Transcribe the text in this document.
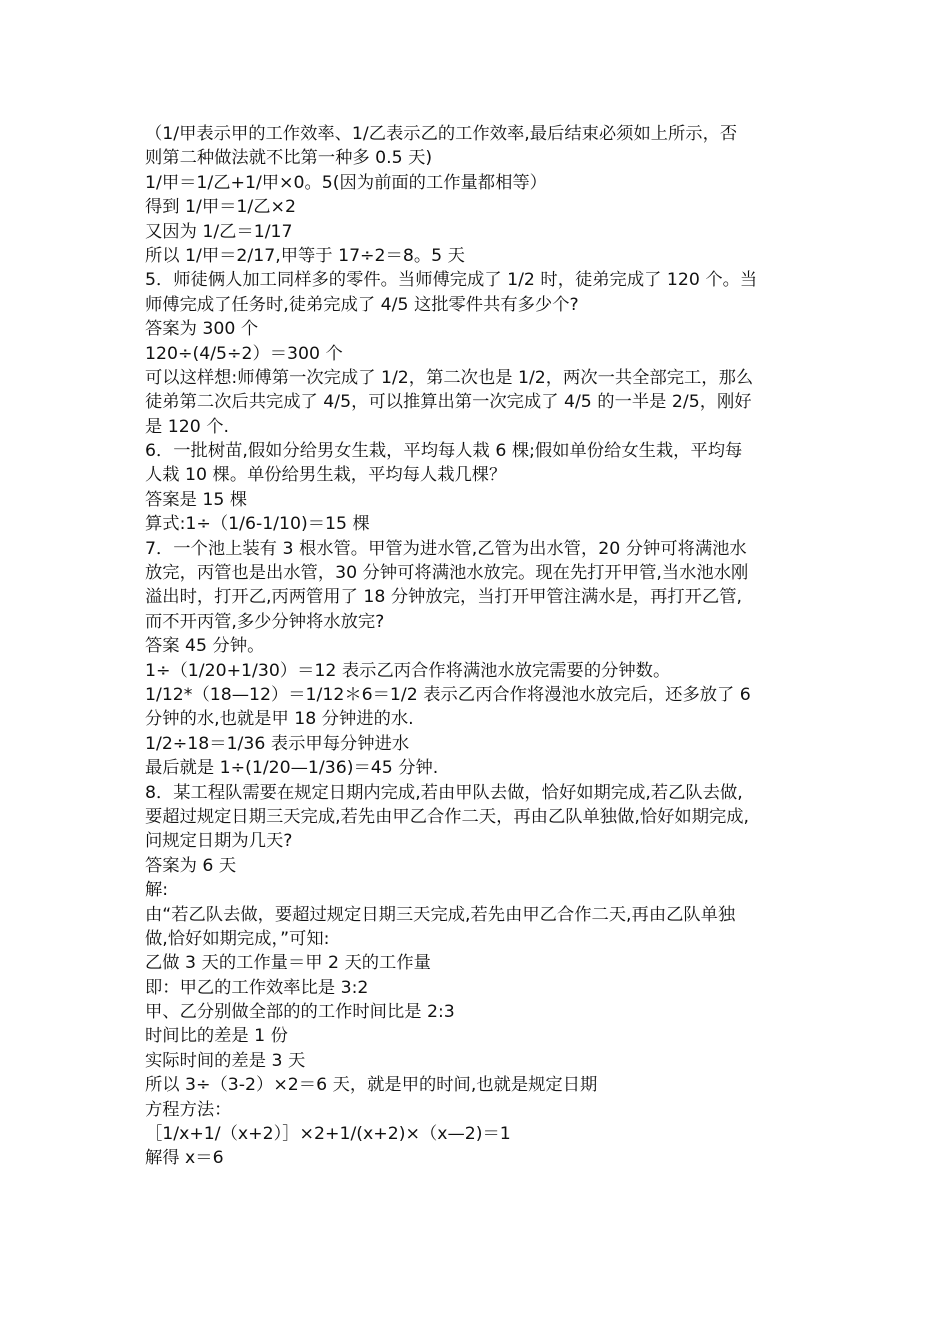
（1/甲表示甲的工作效率、1/乙表示乙的工作效率,最后结束必须如上所示，否
则第二种做法就不比第一种多 0.5 天)
1/甲＝1/乙+1/甲×0。5(因为前面的工作量都相等）
得到 1/甲＝1/乙×2
又因为 1/乙＝1/17
所以 1/甲＝2/17,甲等于 17÷2＝8。5 天
5．师徒俩人加工同样多的零件。当师傅完成了 1/2 时，徒弟完成了 120 个。当
师傅完成了任务时,徒弟完成了 4/5 这批零件共有多少个?
答案为 300 个
120÷(4/5÷2）＝300 个
可以这样想:师傅第一次完成了 1/2，第二次也是 1/2，两次一共全部完工，那么
徒弟第二次后共完成了 4/5，可以推算出第一次完成了 4/5 的一半是 2/5，刚好
是 120 个.
6．一批树苗,假如分给男女生栽，平均每人栽 6 棵;假如单份给女生栽，平均每
人栽 10 棵。单份给男生栽，平均每人栽几棵？
答案是 15 棵
算式:1÷（1/6-1/10)＝15 棵
7．一个池上装有 3 根水管。甲管为进水管,乙管为出水管，20 分钟可将满池水
放完，丙管也是出水管，30 分钟可将满池水放完。现在先打开甲管,当水池水刚
溢出时，打开乙,丙两管用了 18 分钟放完，当打开甲管注满水是，再打开乙管,
而不开丙管,多少分钟将水放完?
答案 45 分钟。
1÷（1/20+1/30）＝12 表示乙丙合作将满池水放完需要的分钟数。
1/12*（18—12）＝1/12＊6＝1/2 表示乙丙合作将漫池水放完后，还多放了 6
分钟的水,也就是甲 18 分钟进的水.
1/2÷18＝1/36 表示甲每分钟进水
最后就是 1÷(1/20—1/36)＝45 分钟.
8．某工程队需要在规定日期内完成,若由甲队去做，恰好如期完成,若乙队去做,
要超过规定日期三天完成,若先由甲乙合作二天，再由乙队单独做,恰好如期完成,
问规定日期为几天?
答案为 6 天
解:
由“若乙队去做，要超过规定日期三天完成,若先由甲乙合作二天,再由乙队单独
做,恰好如期完成，”可知:
乙做 3 天的工作量＝甲 2 天的工作量
即：甲乙的工作效率比是 3:2
甲、乙分别做全部的的工作时间比是 2:3
时间比的差是 1 份
实际时间的差是 3 天
所以 3÷（3-2）×2＝6 天，就是甲的时间,也就是规定日期
方程方法：
［1/x+1/（x+2）］×2+1/(x+2)×（x—2)＝1
解得 x＝6
